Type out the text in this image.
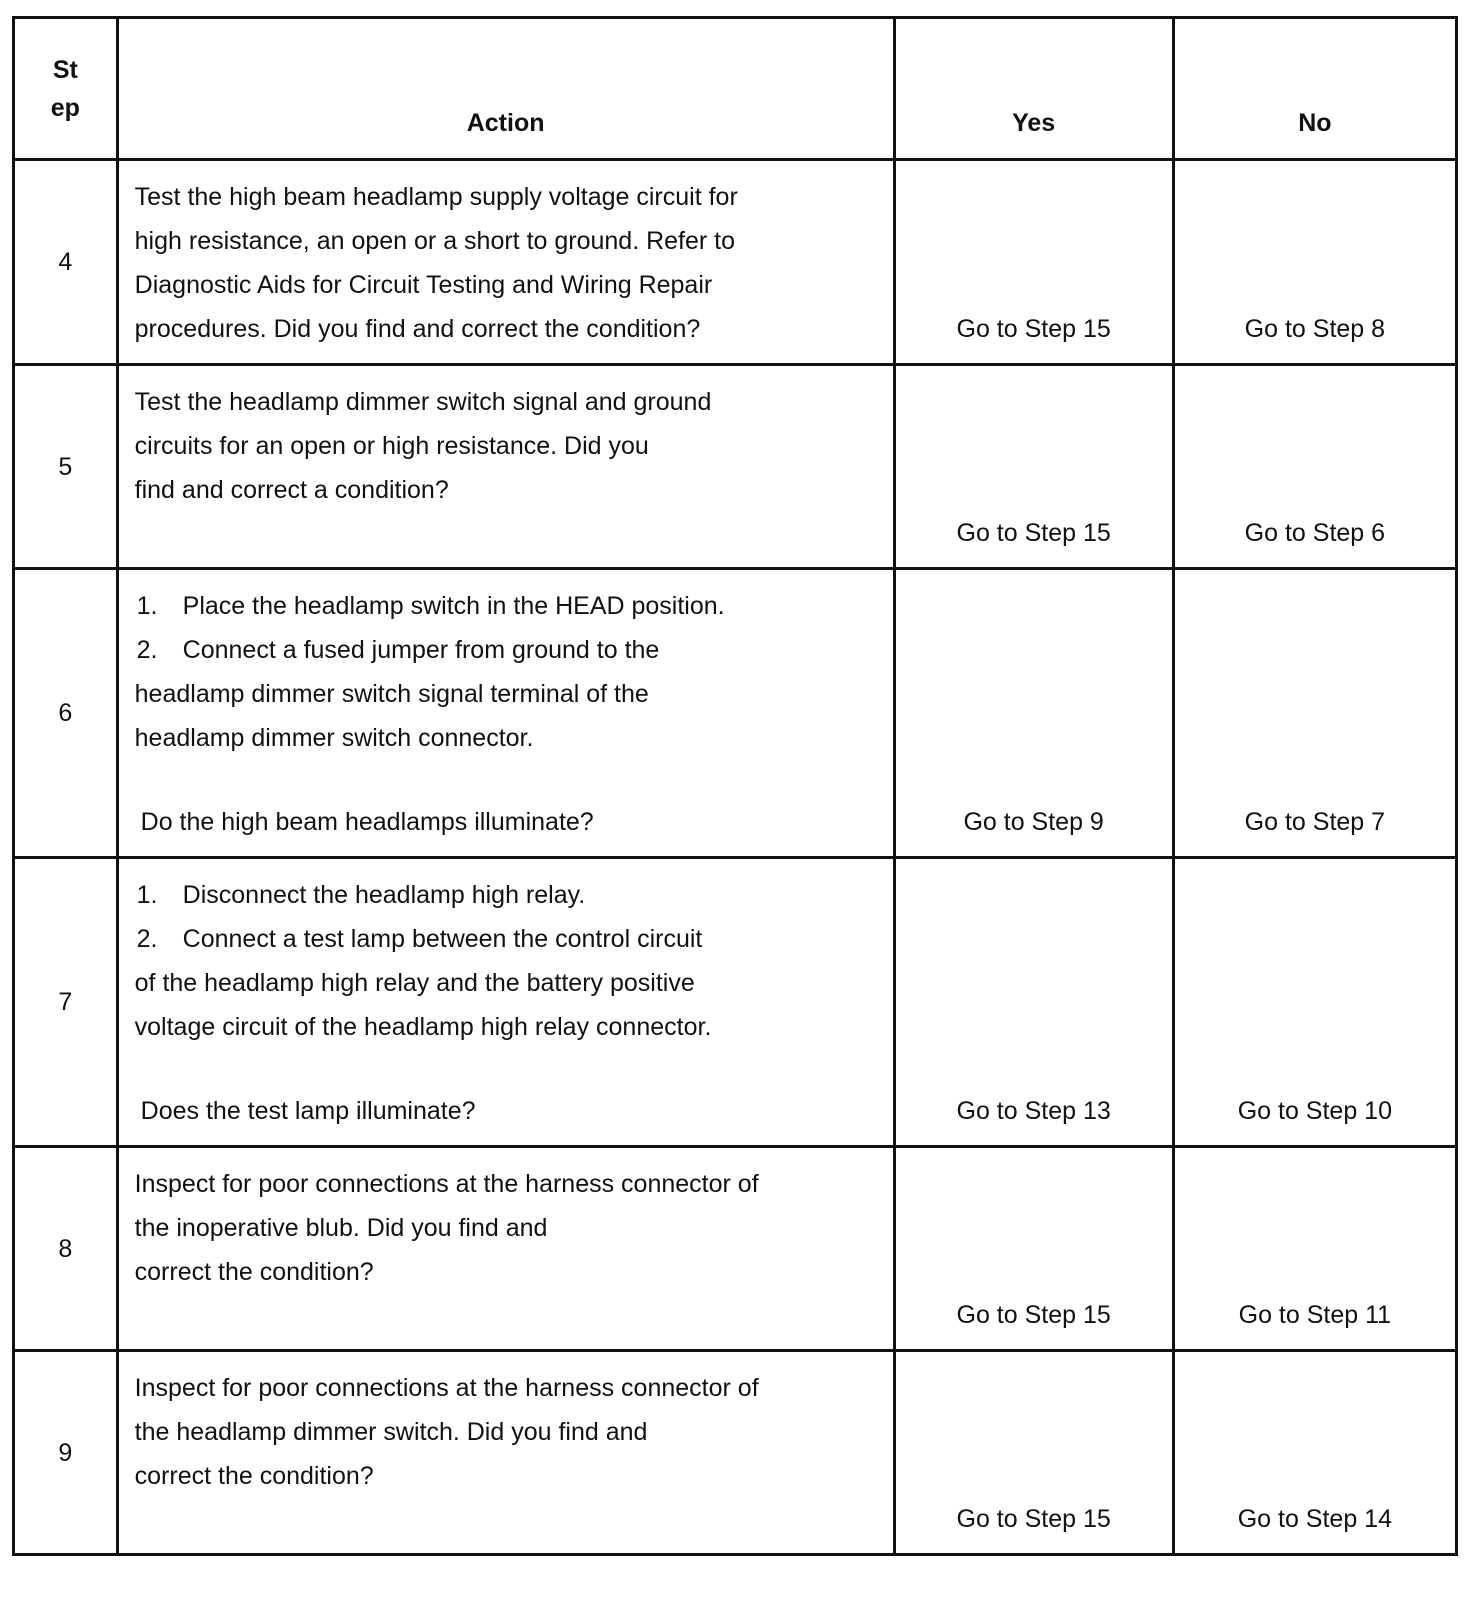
Step	Action	Yes	No
4	Test the high beam headlamp supply voltage circuit for
high resistance, an open or a short to ground. Refer to
Diagnostic Aids for Circuit Testing and Wiring Repair
procedures. Did you find and correct the condition?	Go to Step 15	Go to Step 8
5	Test the headlamp dimmer switch signal and ground
circuits for an open or high resistance. Did you
find and correct a condition?	Go to Step 15	Go to Step 6
6	1. Place the headlamp switch in the HEAD position.
2. Connect a fused jumper from ground to the
headlamp dimmer switch signal terminal of the
headlamp dimmer switch connector.
Do the high beam headlamps illuminate?	Go to Step 9	Go to Step 7
7	1. Disconnect the headlamp high relay.
2. Connect a test lamp between the control circuit
of the headlamp high relay and the battery positive
voltage circuit of the headlamp high relay connector.
Does the test lamp illuminate?	Go to Step 13	Go to Step 10
8	Inspect for poor connections at the harness connector of
the inoperative blub. Did you find and
correct the condition?	Go to Step 15	Go to Step 11
9	Inspect for poor connections at the harness connector of
the headlamp dimmer switch. Did you find and
correct the condition?	Go to Step 15	Go to Step 14
